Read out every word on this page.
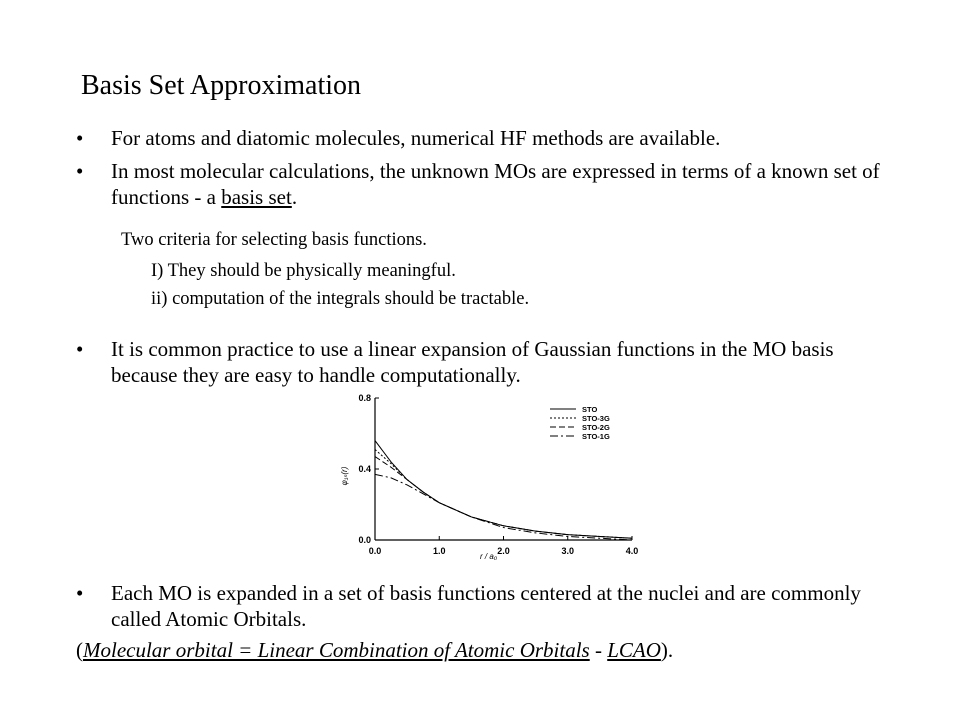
Basis Set Approximation
• For atoms and diatomic molecules, numerical HF methods are available.
• In most molecular calculations, the unknown MOs are expressed in terms of a known set of functions - a basis set.
Two criteria for selecting basis functions.
I) They should be physically meaningful.
ii) computation of the integrals should be tractable.
• It is common practice to use a linear expansion of Gaussian functions in the MO basis because they are easy to handle computationally.
0.0	1.0	2.0	3.0	4.0
0.0
0.4
0.8
r / a₀
φ₁ₛ(r)
STO
STO-3G
STO-2G
STO-1G
• Each MO is expanded in a set of basis functions centered at the nuclei and are commonly called Atomic Orbitals.
(Molecular orbital = Linear Combination of Atomic Orbitals - LCAO).
